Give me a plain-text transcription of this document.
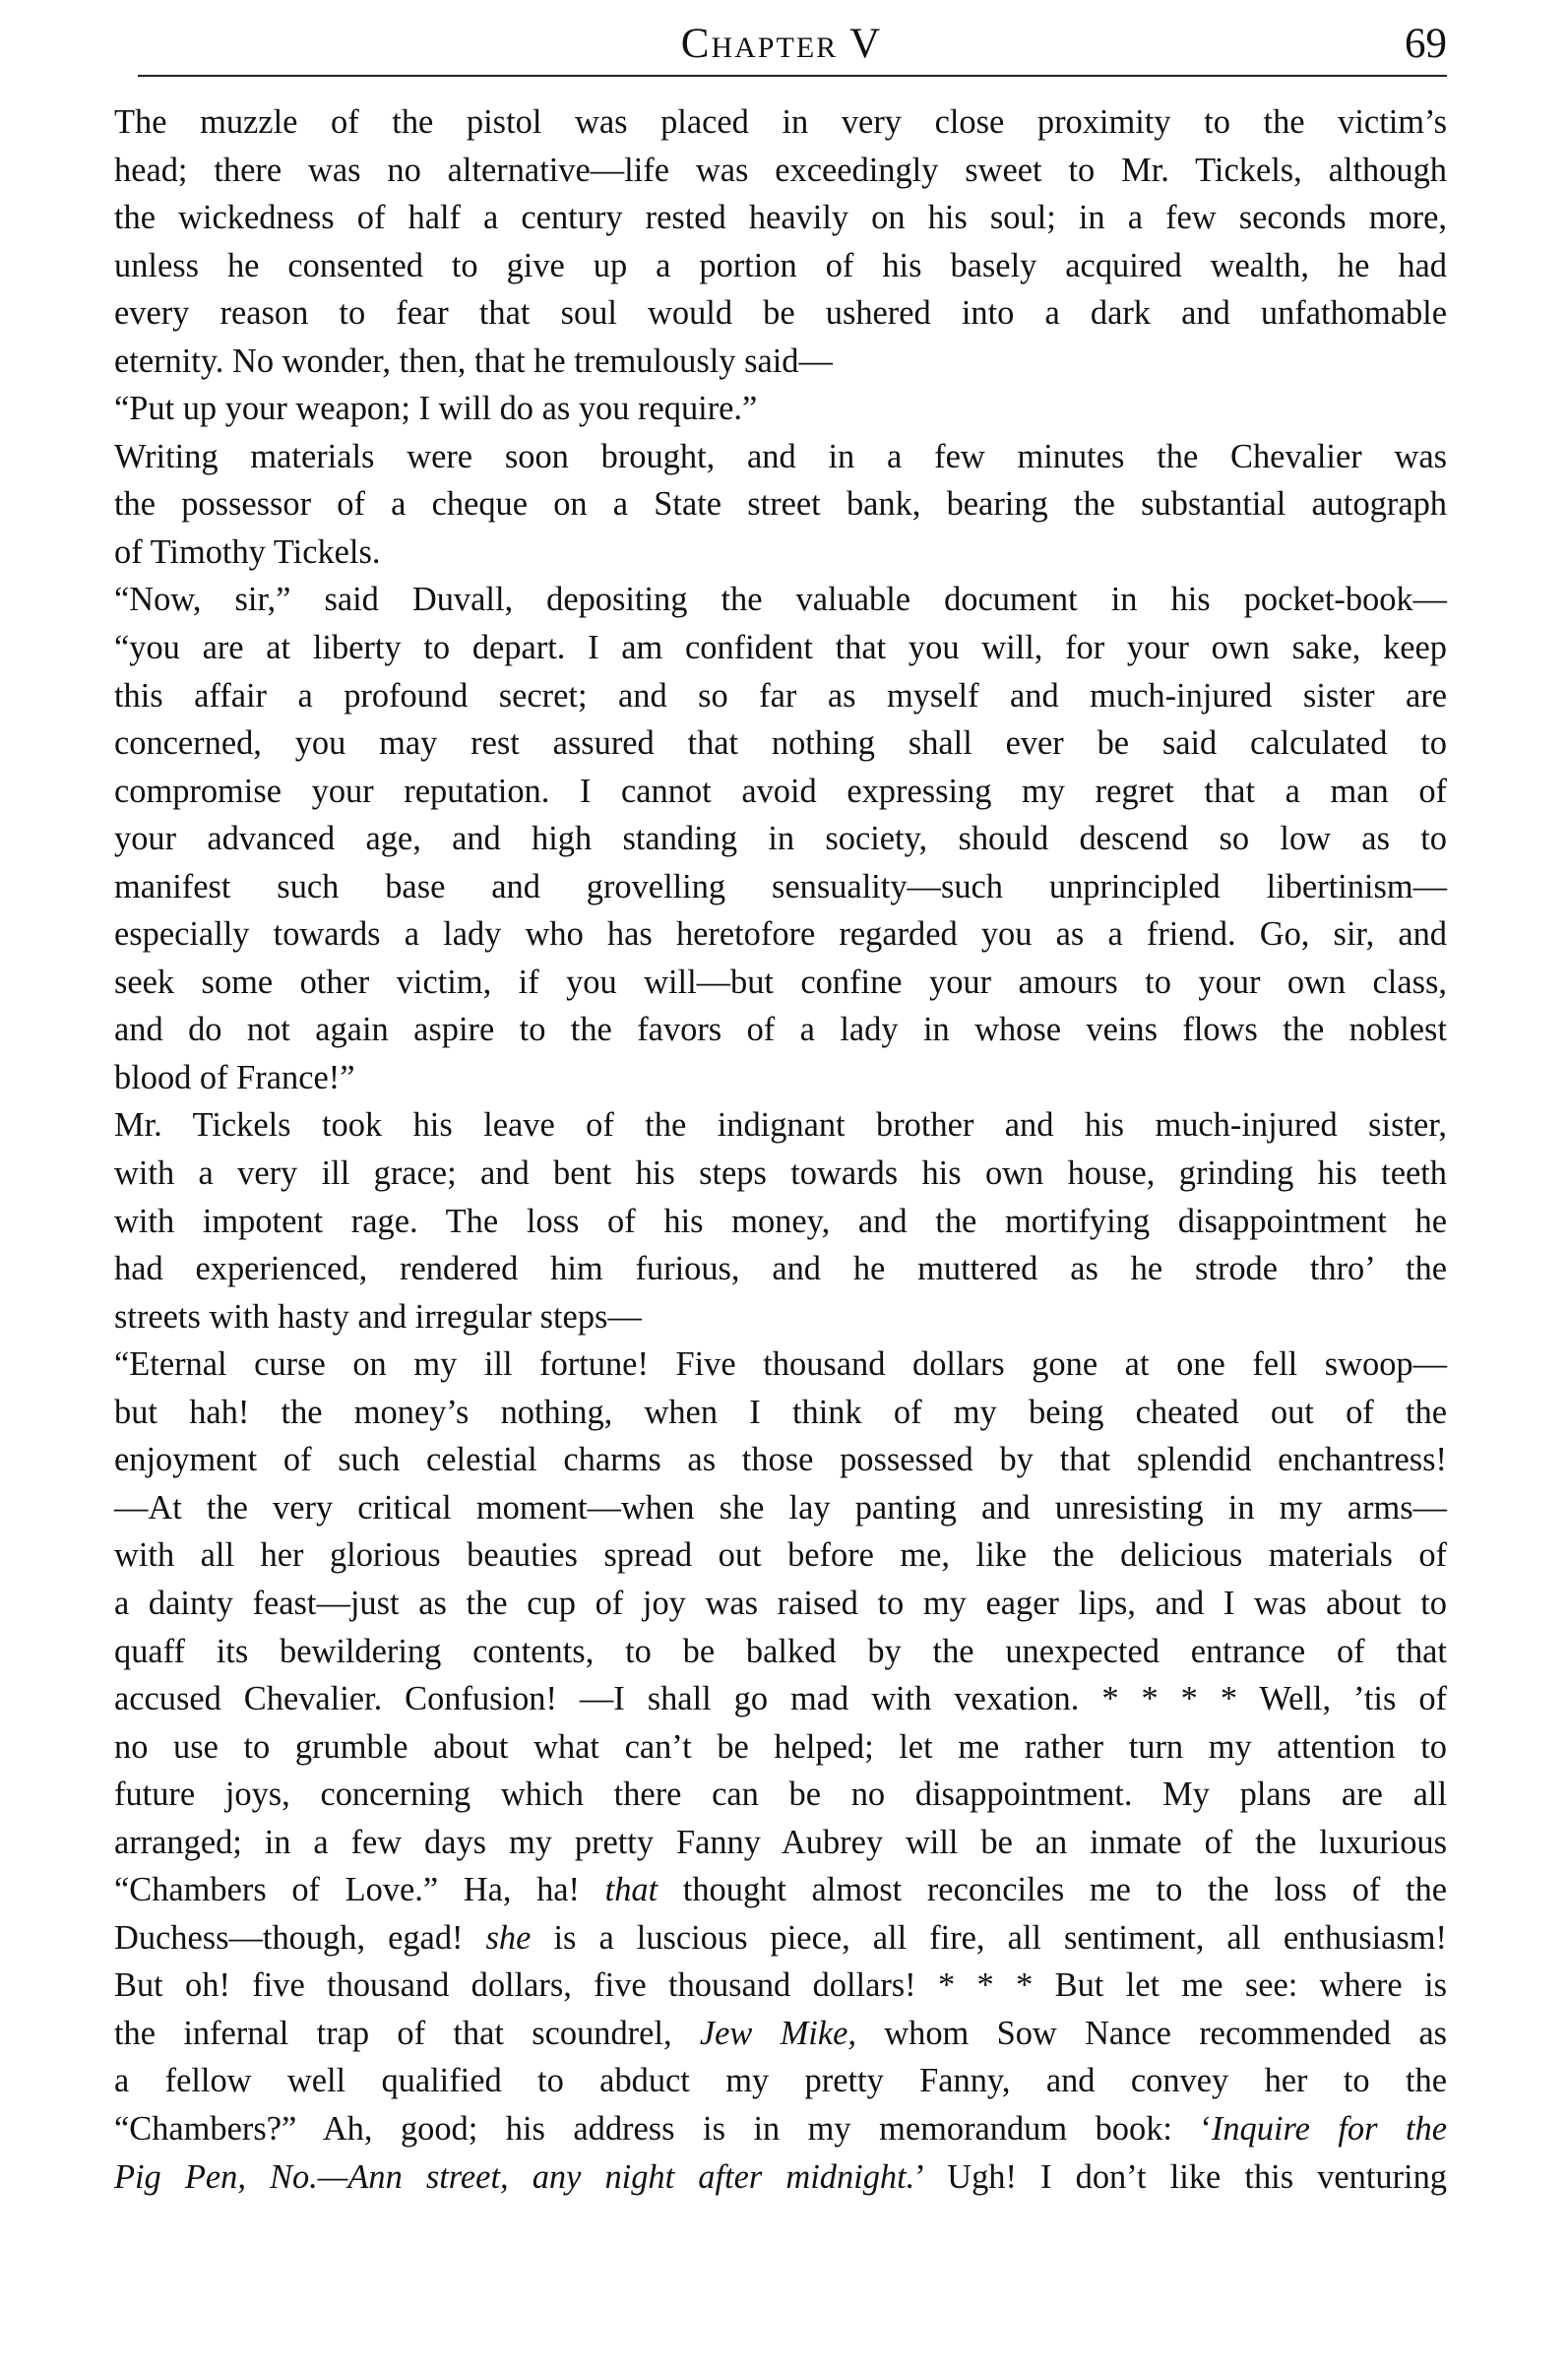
Chapter V	69

The muzzle of the pistol was placed in very close proximity to the victim’s
head; there was no alternative—life was exceedingly sweet to Mr. Tickels, although
the wickedness of half a century rested heavily on his soul; in a few seconds more,
unless he consented to give up a portion of his basely acquired wealth, he had
every reason to fear that soul would be ushered into a dark and unfathomable
eternity. No wonder, then, that he tremulously said—

“Put up your weapon; I will do as you require.”

Writing materials were soon brought, and in a few minutes the Chevalier was
the possessor of a cheque on a State street bank, bearing the substantial autograph
of Timothy Tickels.

“Now, sir,” said Duvall, depositing the valuable document in his pocket-book—
“you are at liberty to depart. I am confident that you will, for your own sake, keep
this affair a profound secret; and so far as myself and much-injured sister are
concerned, you may rest assured that nothing shall ever be said calculated to
compromise your reputation. I cannot avoid expressing my regret that a man of
your advanced age, and high standing in society, should descend so low as to
manifest such base and grovelling sensuality—such unprincipled libertinism—
especially towards a lady who has heretofore regarded you as a friend. Go, sir, and
seek some other victim, if you will—but confine your amours to your own class,
and do not again aspire to the favors of a lady in whose veins flows the noblest
blood of France!”

Mr. Tickels took his leave of the indignant brother and his much-injured sister,
with a very ill grace; and bent his steps towards his own house, grinding his teeth
with impotent rage. The loss of his money, and the mortifying disappointment he
had experienced, rendered him furious, and he muttered as he strode thro’ the
streets with hasty and irregular steps—

“Eternal curse on my ill fortune! Five thousand dollars gone at one fell swoop—
but hah! the money’s nothing, when I think of my being cheated out of the
enjoyment of such celestial charms as those possessed by that splendid enchantress!
—At the very critical moment—when she lay panting and unresisting in my arms—
with all her glorious beauties spread out before me, like the delicious materials of
a dainty feast—just as the cup of joy was raised to my eager lips, and I was about to
quaff its bewildering contents, to be balked by the unexpected entrance of that
accused Chevalier. Confusion! —I shall go mad with vexation. * * * * Well, ’tis of
no use to grumble about what can’t be helped; let me rather turn my attention to
future joys, concerning which there can be no disappointment. My plans are all
arranged; in a few days my pretty Fanny Aubrey will be an inmate of the luxurious
“Chambers of Love.” Ha, ha! that thought almost reconciles me to the loss of the
Duchess—though, egad! she is a luscious piece, all fire, all sentiment, all enthusiasm!
But oh! five thousand dollars, five thousand dollars! * * * But let me see: where is
the infernal trap of that scoundrel, Jew Mike, whom Sow Nance recommended as
a fellow well qualified to abduct my pretty Fanny, and convey her to the
“Chambers?” Ah, good; his address is in my memorandum book: ‘Inquire for the
Pig Pen, No.—Ann street, any night after midnight.’ Ugh! I don’t like this venturing
